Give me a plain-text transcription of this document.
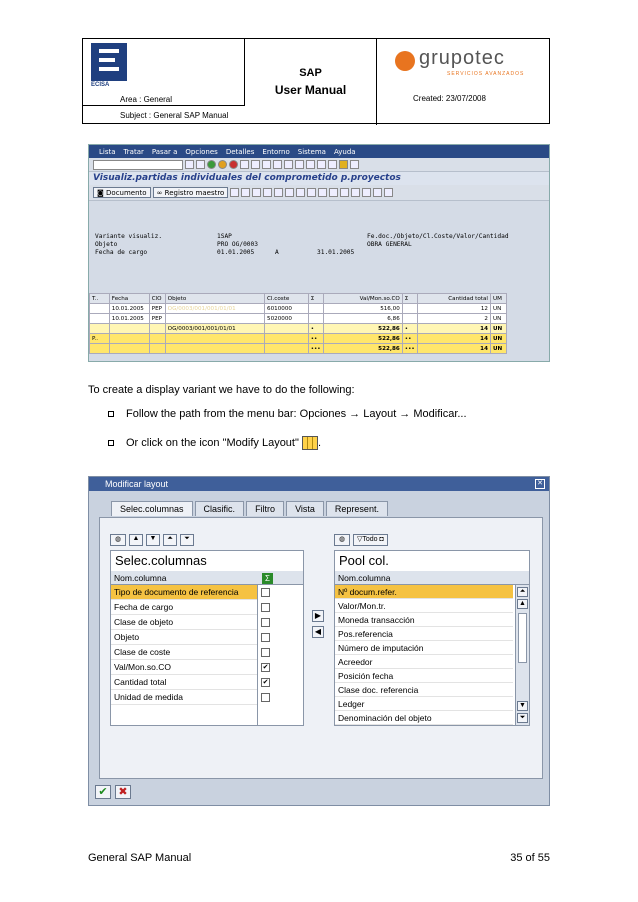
ECISA
Area : General
Subject : General SAP Manual
SAP
User Manual
grupotec
SERVICIOS AVANZADOS
Created: 23/07/2008
Lista Tratar Pasar a Opciones Detalles Entorno Sistema Ayuda
Visualiz.partidas individuales del comprometido p.proyectos
◙ Documento	∞ Registro maestro
Variante visualiz.	1SAP	Fe.doc./Objeto/Cl.Coste/Valor/Cantidad
Objeto	PRO OG/0003	OBRA GENERAL
Fecha de cargo	01.01.2005	A	31.01.2005
T..	Fecha	ClO	Objeto	Cl.coste	Σ	Val/Mon.so.CO	Σ	Cantidad total	UM
	10.01.2005	PEP	OG/0003/001/001/01/01	6010000		516,00		12	UN
	10.01.2005	PEP	OG/0003/001/001/01/01	5020000		6,86		2	UN
			OG/0003/001/001/01/01		•	522,86	•	14	UN
P..					••	522,86	••	14	UN
					•••	522,86	•••	14	UN
To create a display variant we have to do the following:
Follow the path from the menu bar: Opciones → Layout → Modificar...
Or click on the icon "Modify Layout" .
Modificar layout	✕
Selec.columnas	Clasific.	Filtro	Vista	Represent.
◍	▲	▼	⏶	⏷
Selec.columnas
Nom.columna	Σ
Tipo de documento de referencia
Fecha de cargo
Clase de objeto
Objeto
Clase de coste
Val/Mon.so.CO	✔
Cantidad total	✔
Unidad de medida
▶
◀
◍	▽Todo ◘
Pool col.
Nom.columna
Nº docum.refer.
Valor/Mon.tr.
Moneda transacción
Pos.referencia
Número de imputación
Acreedor
Posición fecha
Clase doc. referencia
Ledger
Denominación del objeto
⏶
▲
▼
⏷
✔ ✖
General SAP Manual	35 of 55
